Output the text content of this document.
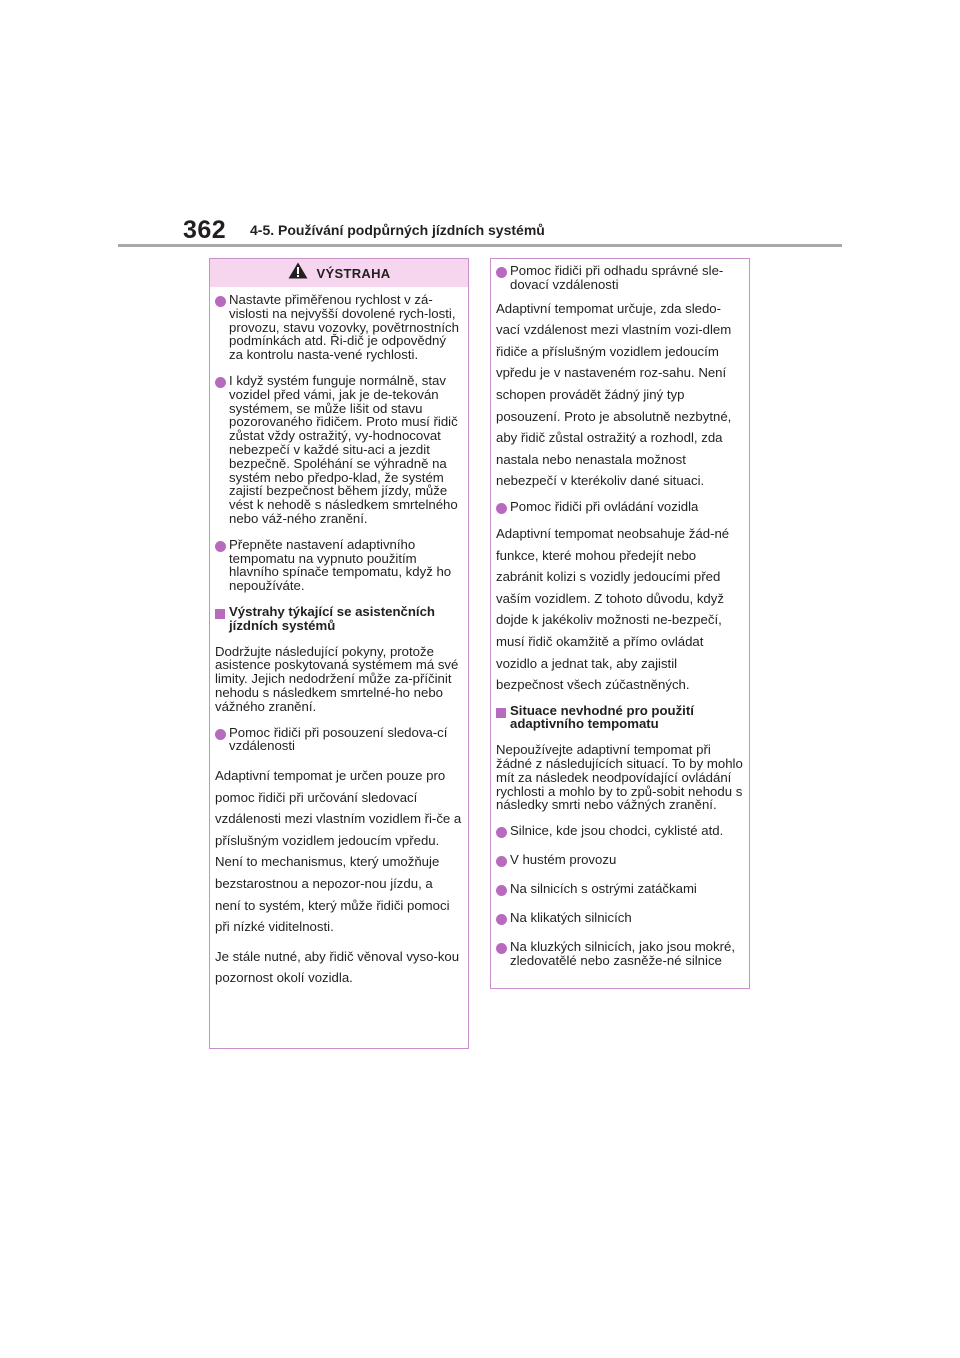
362 4-5. Používání podpůrných jízdních systémů
VÝSTRAHA
Nastavte přiměřenou rychlost v zá-vislosti na nejvyšší dovolené rych-losti, provozu, stavu vozovky, povětrnostních podmínkách atd. Ři-dič je odpovědný za kontrolu nasta-vené rychlosti.
I když systém funguje normálně, stav vozidel před vámi, jak je de-tekován systémem, se může lišit od stavu pozorovaného řidičem. Proto musí řidič zůstat vždy ostražitý, vy-hodnocovat nebezpečí v každé situ-aci a jezdit bezpečně. Spoléhání se výhradně na systém nebo předpo-klad, že systém zajistí bezpečnost během jízdy, může vést k nehodě s následkem smrtelného nebo váž-ného zranění.
Přepněte nastavení adaptivního tempomatu na vypnuto použitím hlavního spínače tempomatu, když ho nepoužíváte.
Výstrahy týkající se asistenčních jízdních systémů
Dodržujte následující pokyny, protože asistence poskytovaná systémem má své limity. Jejich nedodržení může za-příčinit nehodu s následkem smrtelné-ho nebo vážného zranění.
Pomoc řidiči při posouzení sledova-cí vzdálenosti
Adaptivní tempomat je určen pouze pro pomoc řidiči při určování sledovací vzdálenosti mezi vlastním vozidlem ři-če a příslušným vozidlem jedoucím vpředu. Není to mechanismus, který umožňuje bezstarostnou a nepozor-nou jízdu, a není to systém, který může řidiči pomoci při nízké viditelnosti.
Je stále nutné, aby řidič věnoval vyso-kou pozornost okolí vozidla.
Pomoc řidiči při odhadu správné sle-dovací vzdálenosti
Adaptivní tempomat určuje, zda sledo-vací vzdálenost mezi vlastním vozi-dlem řidiče a příslušným vozidlem jedoucím vpředu je v nastaveném roz-sahu. Není schopen provádět žádný jiný typ posouzení. Proto je absolutně nezbytné, aby řidič zůstal ostražitý a rozhodl, zda nastala nebo nenastala možnost nebezpečí v kterékoliv dané situaci.
Pomoc řidiči při ovládání vozidla
Adaptivní tempomat neobsahuje žád-né funkce, které mohou předejít nebo zabránit kolizi s vozidly jedoucími před vaším vozidlem. Z tohoto důvodu, když dojde k jakékoliv možnosti ne-bezpečí, musí řidič okamžitě a přímo ovládat vozidlo a jednat tak, aby zajistil bezpečnost všech zúčastněných.
Situace nevhodné pro použití adaptivního tempomatu
Nepoužívejte adaptivní tempomat při žádné z následujících situací. To by mohlo mít za následek neodpovídající ovládání rychlosti a mohlo by to způ-sobit nehodu s následky smrti nebo vážných zranění.
Silnice, kde jsou chodci, cyklisté atd.
V hustém provozu
Na silnicích s ostrými zatáčkami
Na klikatých silnicích
Na kluzkých silnicích, jako jsou mokré, zledovatělé nebo zasněže-né silnice
